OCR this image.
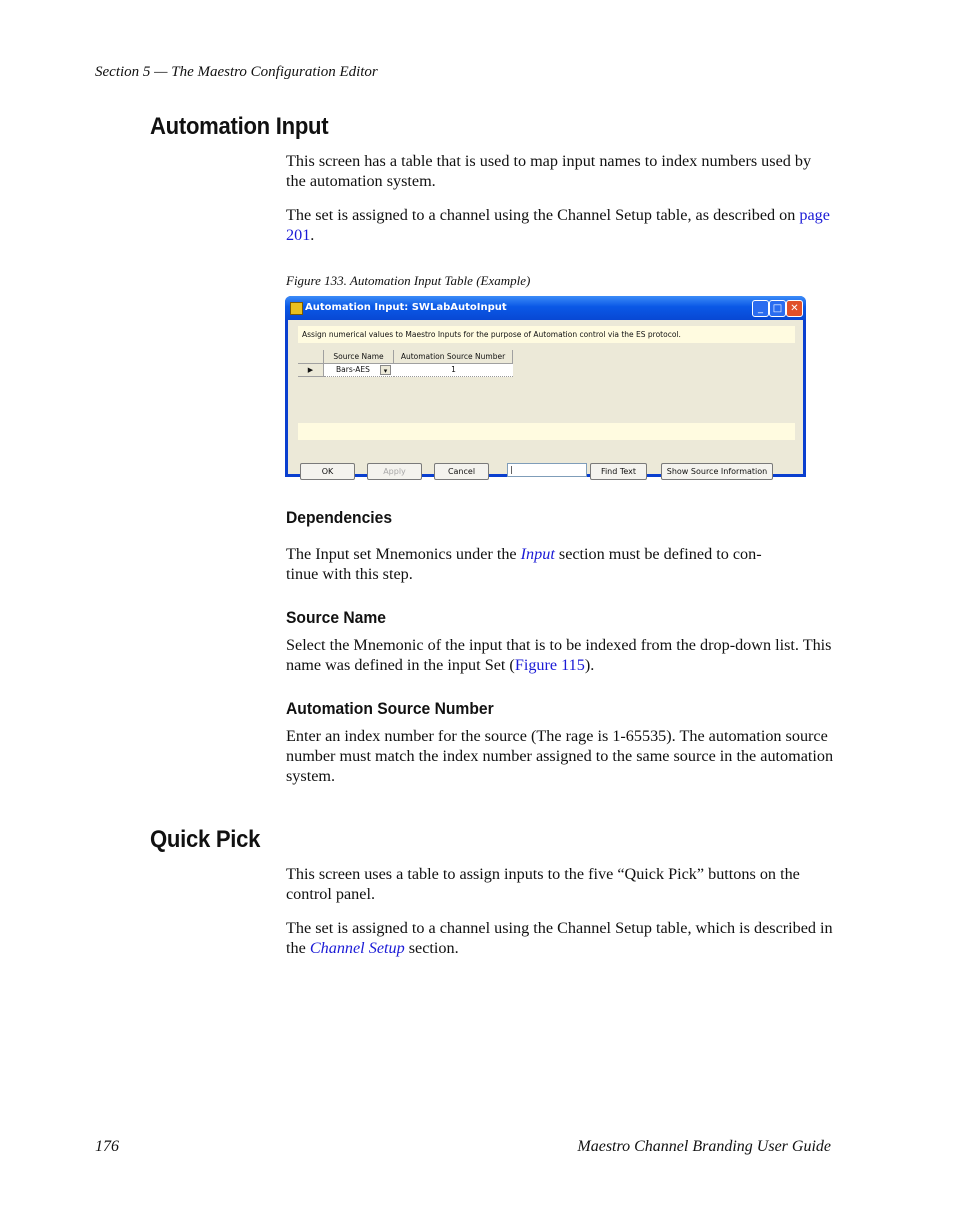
Section 5 — The Maestro Configuration Editor
Automation Input

This screen has a table that is used to map input names to index numbers used by the automation system.

The set is assigned to a channel using the Channel Setup table, as described on page 201.

Figure 133. Automation Input Table (Example)
Automation Input: SWLabAutoInput	_ □ ✕
Assign numerical values to Maestro Inputs for the purpose of Automation control via the ES protocol.
Source Name	Automation Source Number
▶	Bars-AES	▾	1
OK	Apply	Cancel	|	Find Text	Show Source Information
Dependencies

The Input set Mnemonics under the Input section must be defined to con-
tinue with this step.

Source Name

Select the Mnemonic of the input that is to be indexed from the drop-down list. This name was defined in the input Set (Figure 115).

Automation Source Number

Enter an index number for the source (The rage is 1-65535). The automation source number must match the index number assigned to the same source in the automation system.

Quick Pick

This screen uses a table to assign inputs to the five “Quick Pick” buttons on the control panel.

The set is assigned to a channel using the Channel Setup table, which is described in the Channel Setup section.

176	Maestro Channel Branding User Guide
